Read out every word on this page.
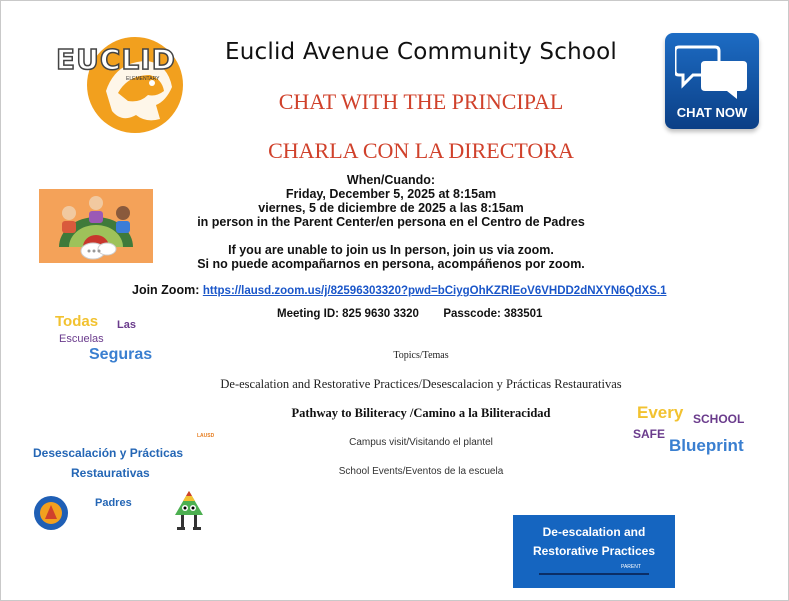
EUCLID
ELEMENTARY
Euclid Avenue Community School
CHAT WITH THE PRINCIPAL
CHARLA CON LA DIRECTORA
CHAT NOW
When/Cuando:
Friday, December 5, 2025 at 8:15am
viernes, 5 de diciembre de 2025 a las 8:15am
in person in the Parent Center/en persona en el Centro de Padres
If you are unable to join us In person, join us via zoom.
Si no puede acompañarnos en persona, acompáñenos por zoom.
Join Zoom: https://lausd.zoom.us/j/82596303320?pwd=bCiygOhKZRlEoV6VHDD2dNXYN6QdXS.1
Meeting ID: 825 9630 3320 Passcode: 383501
Todas Las
Escuelas
Seguras	Topics/Temas
De-escalation and Restorative Practices/Desescalacion y Prácticas Restaurativas
Pathway to Biliteracy /Camino a la Biliteracidad
Campus visit/Visitando el plantel
School Events/Eventos de la escuela
Every SCHOOL
SAFE
Blueprint
LAUSD
Desescalación y Prácticas
Restaurativas
Padres
De-escalation and
Restorative Practices
PARENT
